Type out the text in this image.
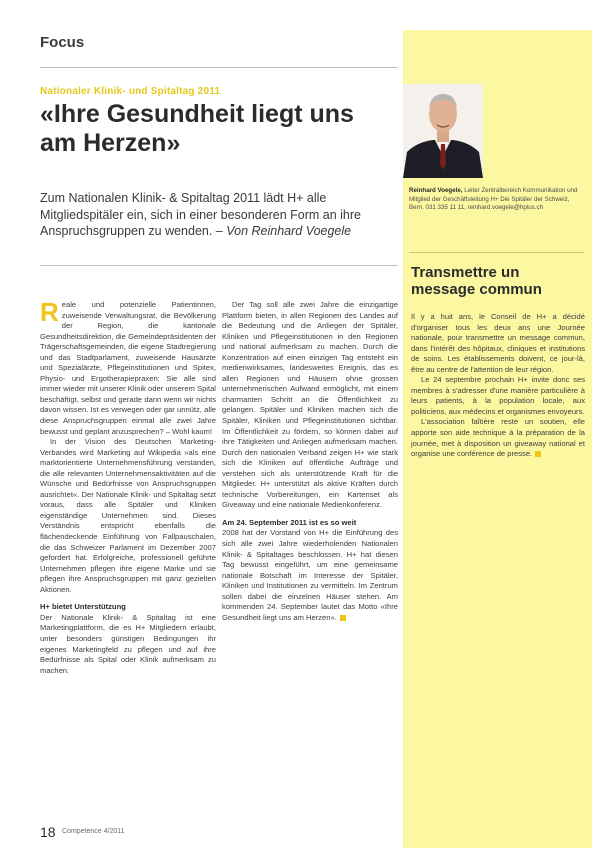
Focus
Nationaler Klinik- und Spitaltag 2011
«Ihre Gesundheit liegt uns am Herzen»
Zum Nationalen Klinik- & Spitaltag 2011 lädt H+ alle Mitgliedspitäler ein, sich in einer besonderen Form an ihre Anspruchsgruppen zu wenden. – Von Reinhard Voegele

Reale und potenzielle Patientinnen, zuweisende Verwaltungsrat, die Bevölkerung der Region, die kantonale Gesundheitsdirektion, die Gemeindepräsidenten der Trägerschaftsgemeinden, die eigene Stadtregierung und das Stadtparlament, zuweisende Hausärzte und Spezialärzte, Pflegeinstitutionen und Spitex, Physio- und Ergotherapiepraxen: Sie alle sind immer wieder mit unserer Klinik oder unserem Spital beschäftigt, selbst und gerade dann wenn wir nichts davon wissen. Ist es verwegen oder gar unnütz, alle diese Anspruchsgruppen einmal alle zwei Jahre bewusst und geplant anzusprechen? – Wohl kaum!

In der Vision des Deutschen Marketing-Verbandes wird Marketing auf Wikipedia »als eine marktorientierte Unternehmensführung verstanden, die alle relevanten Unternehmensaktivitäten auf die Wünsche und Bedürfnisse von Anspruchsgruppen ausrichtet«. Der Nationale Klinik- und Spitaltag setzt voraus, dass alle Spitäler und Kliniken eigenständige Unternehmen sind. Dieses Verständnis entspricht ebenfalls die flächendeckende Einführung von Fallpauschalen, die das Schweizer Parlament im Dezember 2007 gefordert hat. Erfolgreiche, professionell geführte Unternehmen pflegen ihre eigene Marke und sie pflegen ihre Anspruchsgruppen mit ganz gezielten Aktionen.

H+ bietet Unterstützung

Der Nationale Klinik- & Spitaltag ist eine Marketingplattform, die es H+ Mitgliedern erlaubt, unter besonders günstigen Bedingungen ihr eigenes Marketingfeld zu pflegen und auf ihre Bedürfnisse als Spital oder Klinik aufmerksam zu machen.

Der Tag soll alle zwei Jahre die einzigartige Plattform bieten, in allen Regionen des Landes auf die Bedeutung und die Anliegen der Spitäler, Kliniken und Pflegeinstitutionen in den Regionen und national aufmerksam zu machen. Durch die Konzentration auf einen einzigen Tag entsteht ein medienwirksames, landesweites Ereignis, das es allen Regionen und Häusern ohne grossen unternehmerischen Aufwand ermöglicht, mit einem charmanten Schritt an die Öffentlichkeit zu gelangen. Spitäler und Kliniken machen sich die Spitäler, Kliniken und Pflegeinstitutionen sichtbar. Im Öffentlichkeit zu fördern, so können dabei auf ihre Tätigkeiten und Anliegen aufmerksam machen. Durch den nationalen Verband zeigen H+ wie stark sich die Kliniken auf öffentliche Aufträge und verstehen sich als unterstützende Kraft für die Mitglieder. H+ unterstützt als aktive Kräften durch technische Vorbereitungen, ein Kartenset als Giveaway und eine nationale Medienkonferenz.

Am 24. September 2011 ist es so weit

2008 hat der Vorstand von H+ die Einführung des sich alle zwei Jahre wiederholenden Nationalen Klinik- & Spitaltages beschlossen. H+ hat diesen Tag bewusst eingeführt, um eine gemeinsame nationale Botschaft im Interesse der Spitäler, Kliniken und Institutionen zu vermitteln. Im Zentrum sollen dabei die einzelnen Häuser stehen. Am kommenden 24. September lautet das Motto «Ihre Gesundheit liegt uns am Herzen».

Reinhard Voegele, Leiter Zentralbereich Kommunikation und Mitglied der Geschäftsleitung H+ Die Spitäler der Schweiz, Bern. 031 335 11 11, reinhard.voegele@hplus.ch
Transmettre un message commun

Il y a huit ans, le Conseil de H+ a décidé d'organiser tous les deux ans une Journée nationale, pour transmettre un message commun, dans l'intérêt des hôpitaux, cliniques et institutions de soins. Les établissements doivent, ce jour-là, être au centre de l'attention de leur région.

Le 24 septembre prochain H+ invite donc ses membres à s'adresser d'une manière particulière à leurs patients, à la population locale, aux politiciens, aux médecins et organismes envoyeurs.

L'association faîtière reste un soutien, elle apporte son aide technique à la préparation de la journée, met à disposition un giveaway national et organise une conférence de presse.

18 Competence 4/2011
